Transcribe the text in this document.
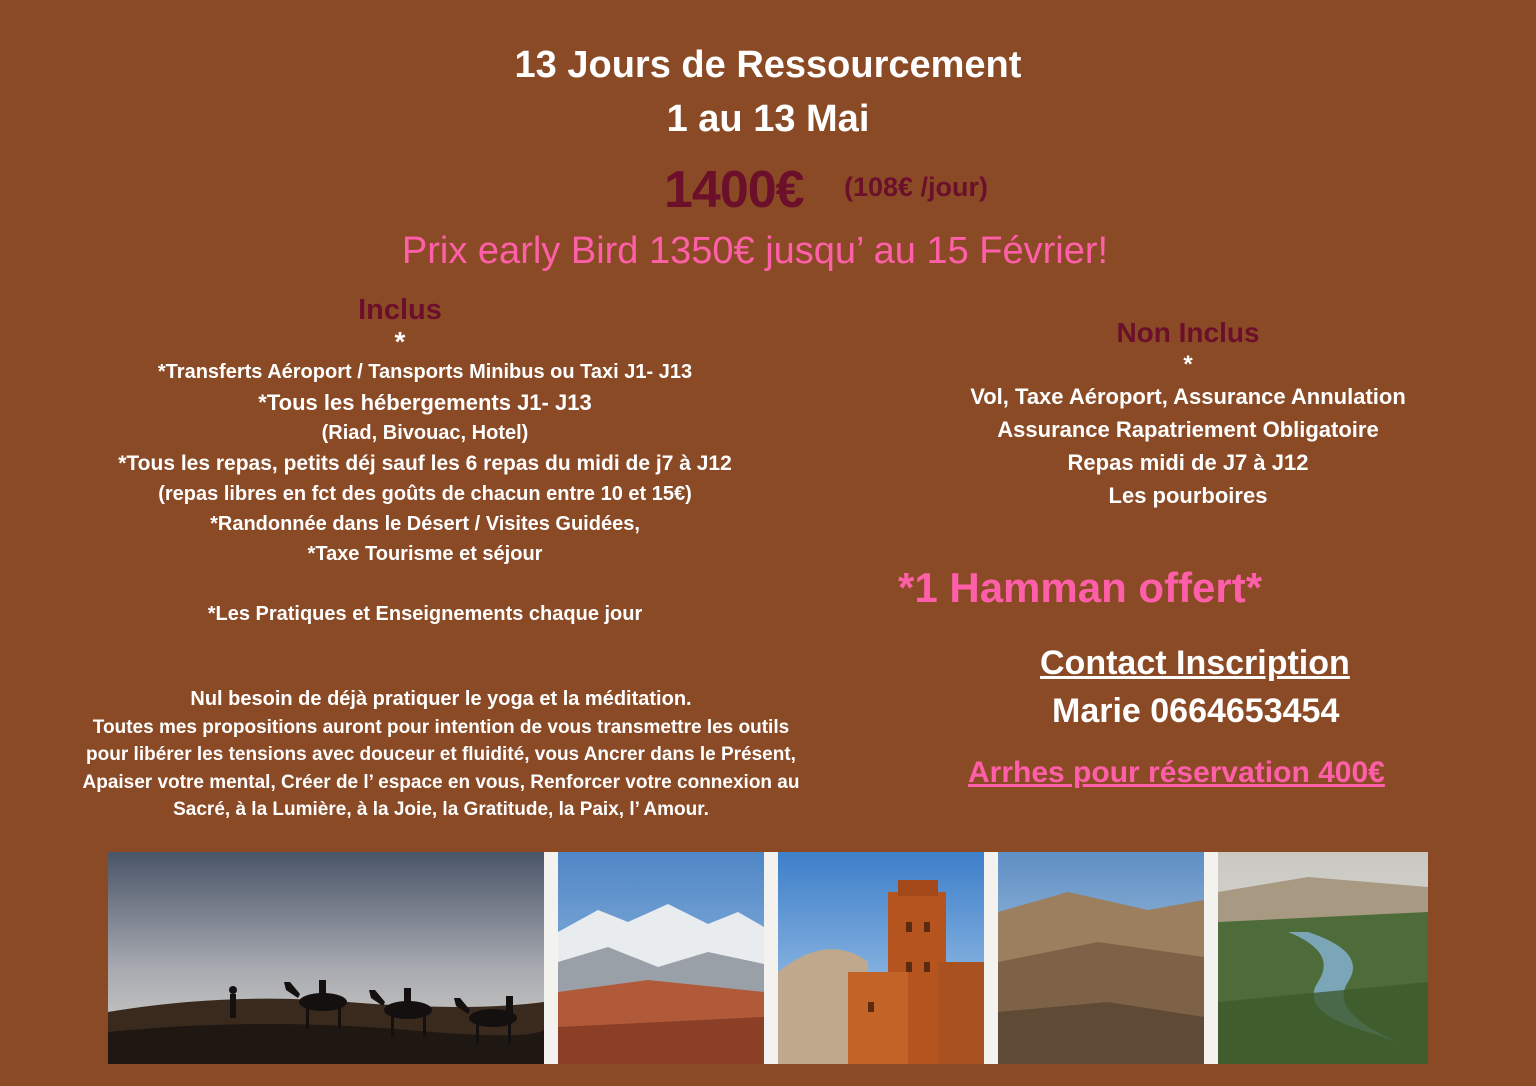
13 Jours de Ressourcement
1 au 13 Mai
1400€ (108€ /jour)
Prix early Bird 1350€ jusqu’ au 15 Février!
Inclus
*
*Transferts Aéroport / Tansports Minibus ou Taxi J1- J13
*Tous les hébergements J1- J13
(Riad, Bivouac, Hotel)
*Tous les repas, petits déj sauf les 6 repas du midi de j7 à J12
(repas libres en fct des goûts de chacun entre 10 et 15€)
*Randonnée dans le Désert / Visites Guidées,
*Taxe Tourisme et séjour
*Les Pratiques et Enseignements chaque jour
Non Inclus
*
Vol, Taxe Aéroport, Assurance Annulation
Assurance Rapatriement Obligatoire
Repas midi de J7 à J12
Les pourboires
*1 Hamman offert*
Contact Inscription
Marie 0664653454
Arrhes pour réservation 400€
Nul besoin de déjà pratiquer le yoga et la méditation.
Toutes mes propositions auront pour intention de vous transmettre les outils
pour libérer les tensions avec douceur et fluidité, vous Ancrer dans le Présent,
Apaiser votre mental, Créer de l’ espace en vous, Renforcer votre connexion au
Sacré, à la Lumière, à la Joie, la Gratitude, la Paix, l’ Amour.
